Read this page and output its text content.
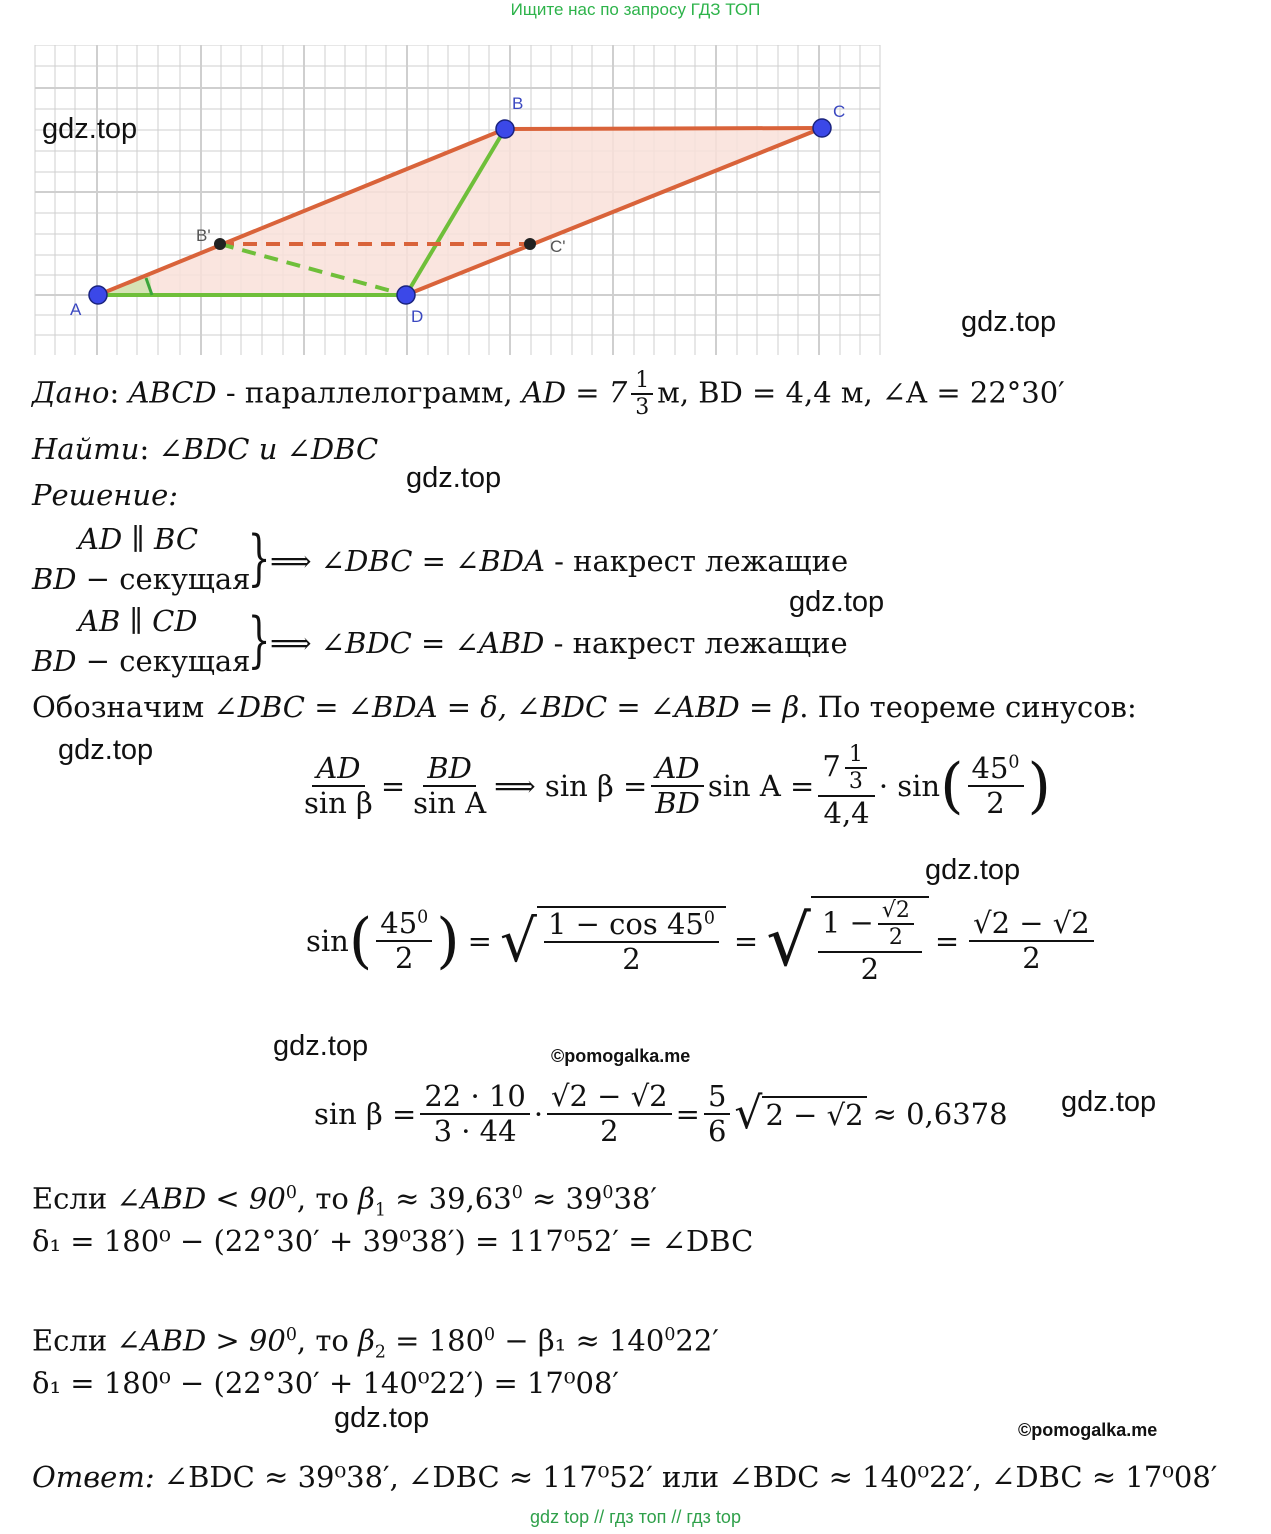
Ищите нас по запросу ГДЗ ТОП
A
B	C
D
B'
C'
gdz.top
gdz.top
gdz.top
gdz.top
gdz.top
gdz.top
gdz.top
gdz.top
gdz.top
©pomogalka.me
©pomogalka.me
Дано: ABCD - параллелограмм, AD = $7 \frac{1}{3} м$, BD = 4,4 м, ∠A = 22°30′
Найти: ∠BDC и ∠DBC
Решение:
AD ∥ BC
BD − секущая
} ⟹ ∠DBC = ∠BDA - накрест лежащие
AB ∥ CD
BD − секущая
} ⟹ ∠BDC = ∠ABD - накрест лежащие
Обозначим ∠DBC = ∠BDA = δ, ∠BDC = ∠ABD = β. По теореме синусов:
$\frac{AD}{\text{sin β}} = \frac{BD}{\text{sin A}}$ ⟹ $\sin \beta = \frac{AD}{BD}$ $\sin A = \frac{7 \frac{1}{3}}{4,4} \cdot \sin$ ( $\frac{45^0}{2}$ )
sin ( $\frac{45^0}{2}$ ) = √ $\frac{1 - \cos 45^0}{2}$ = √ $\frac{1 - \frac{√2}{2}}{2} = \frac{√2 - √2}{2}$
$\sin \beta = \frac{22 \cdot 10}{3 \cdot 44} \cdot \frac{√2 - √2}{2} = \frac{5}{6}$ √ 2 − √2 ≈ 0,6378
Если ∠ABD < $90^0$, то $\beta_1 \approx 39,63^0 \approx 39^038'$
δ₁ = 180⁰ − (22°30′ + 39⁰38′) = 117⁰52′ = ∠DBC
Если ∠ABD > $90^0$, то $\beta_2 = 180^0 - \beta_1 \approx 140^022'$
δ₁ = 180⁰ − (22°30′ + 140⁰22′) = 17⁰08′
Ответ: ∠BDC ≈ 39⁰38′, ∠DBC ≈ 117⁰52′ или ∠BDC ≈ 140⁰22′, ∠DBC ≈ 17⁰08′
gdz top // гдз топ // гдз top
